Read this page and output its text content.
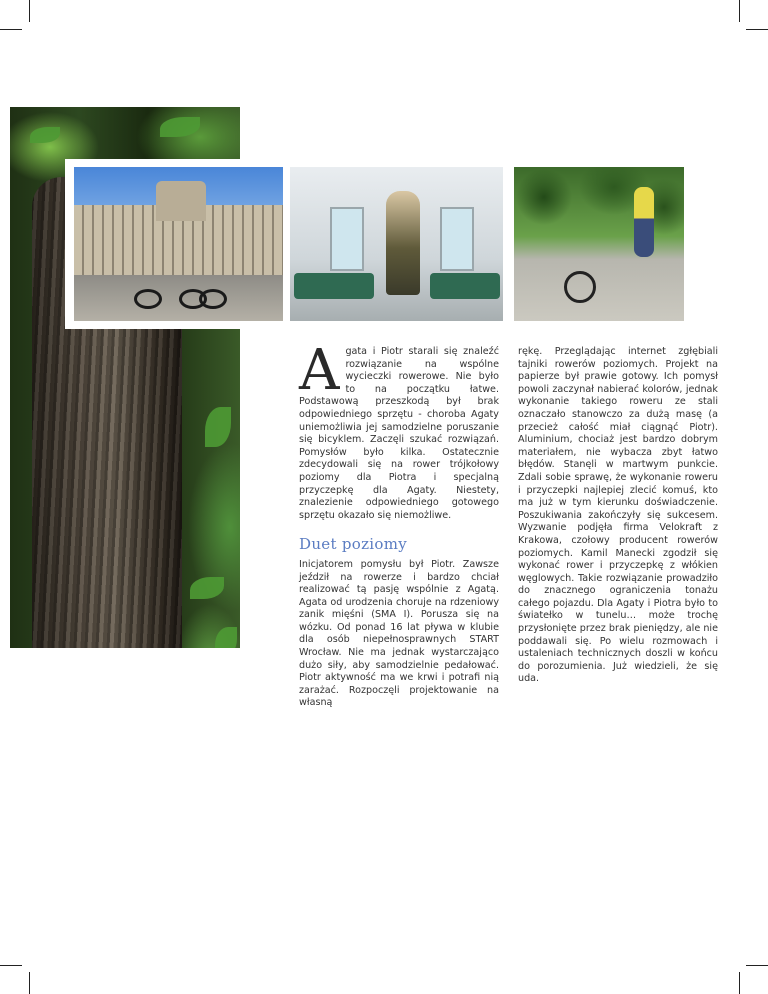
Agata i Piotr starali się znaleźć rozwiązanie na wspólne wycieczki rowerowe. Nie było to na początku łatwe. Podstawową przeszkodą był brak odpowiedniego sprzętu - choroba Agaty uniemożliwia jej samodzielne poruszanie się bicyklem. Zaczęli szukać rozwiązań. Pomysłów było kilka. Ostatecznie zdecydowali się na rower trójkołowy poziomy dla Piotra i specjalną przyczepkę dla Agaty. Niestety, znalezienie odpowiedniego gotowego sprzętu okazało się niemożliwe.

Duet poziomy

Inicjatorem pomysłu był Piotr. Zawsze jeździł na rowerze i bardzo chciał realizować tą pasję wspólnie z Agatą. Agata od urodzenia choruje na rdzeniowy zanik mięśni (SMA I). Porusza się na wózku. Od ponad 16 lat pływa w klubie dla osób niepełnosprawnych START Wrocław. Nie ma jednak wystarczająco dużo siły, aby samodzielnie pedałować. Piotr aktywność ma we krwi i potrafi nią zarażać. Rozpoczęli projektowanie na własną

rękę. Przeglądając internet zgłębiali tajniki rowerów poziomych. Projekt na papierze był prawie gotowy. Ich pomysł powoli zaczynał nabierać kolorów, jednak wykonanie takiego roweru ze stali oznaczało stanowczo za dużą masę (a przecież całość miał ciągnąć Piotr). Aluminium, chociaż jest bardzo dobrym materiałem, nie wybacza zbyt łatwo błędów. Stanęli w martwym punkcie. Zdali sobie sprawę, że wykonanie roweru i przyczepki najlepiej zlecić komuś, kto ma już w tym kierunku doświadczenie. Poszukiwania zakończyły się sukcesem. Wyzwanie podjęła firma Velokraft z Krakowa, czołowy producent rowerów poziomych. Kamil Manecki zgodził się wykonać rower i przyczepkę z włókien węglowych. Takie rozwiązanie prowadziło do znacznego ograniczenia tonażu całego pojazdu. Dla Agaty i Piotra było to światełko w tunelu… może trochę przysłonięte przez brak pieniędzy, ale nie poddawali się. Po wielu rozmowach i ustaleniach technicznych doszli w końcu do porozumienia. Już wiedzieli, że się uda.
